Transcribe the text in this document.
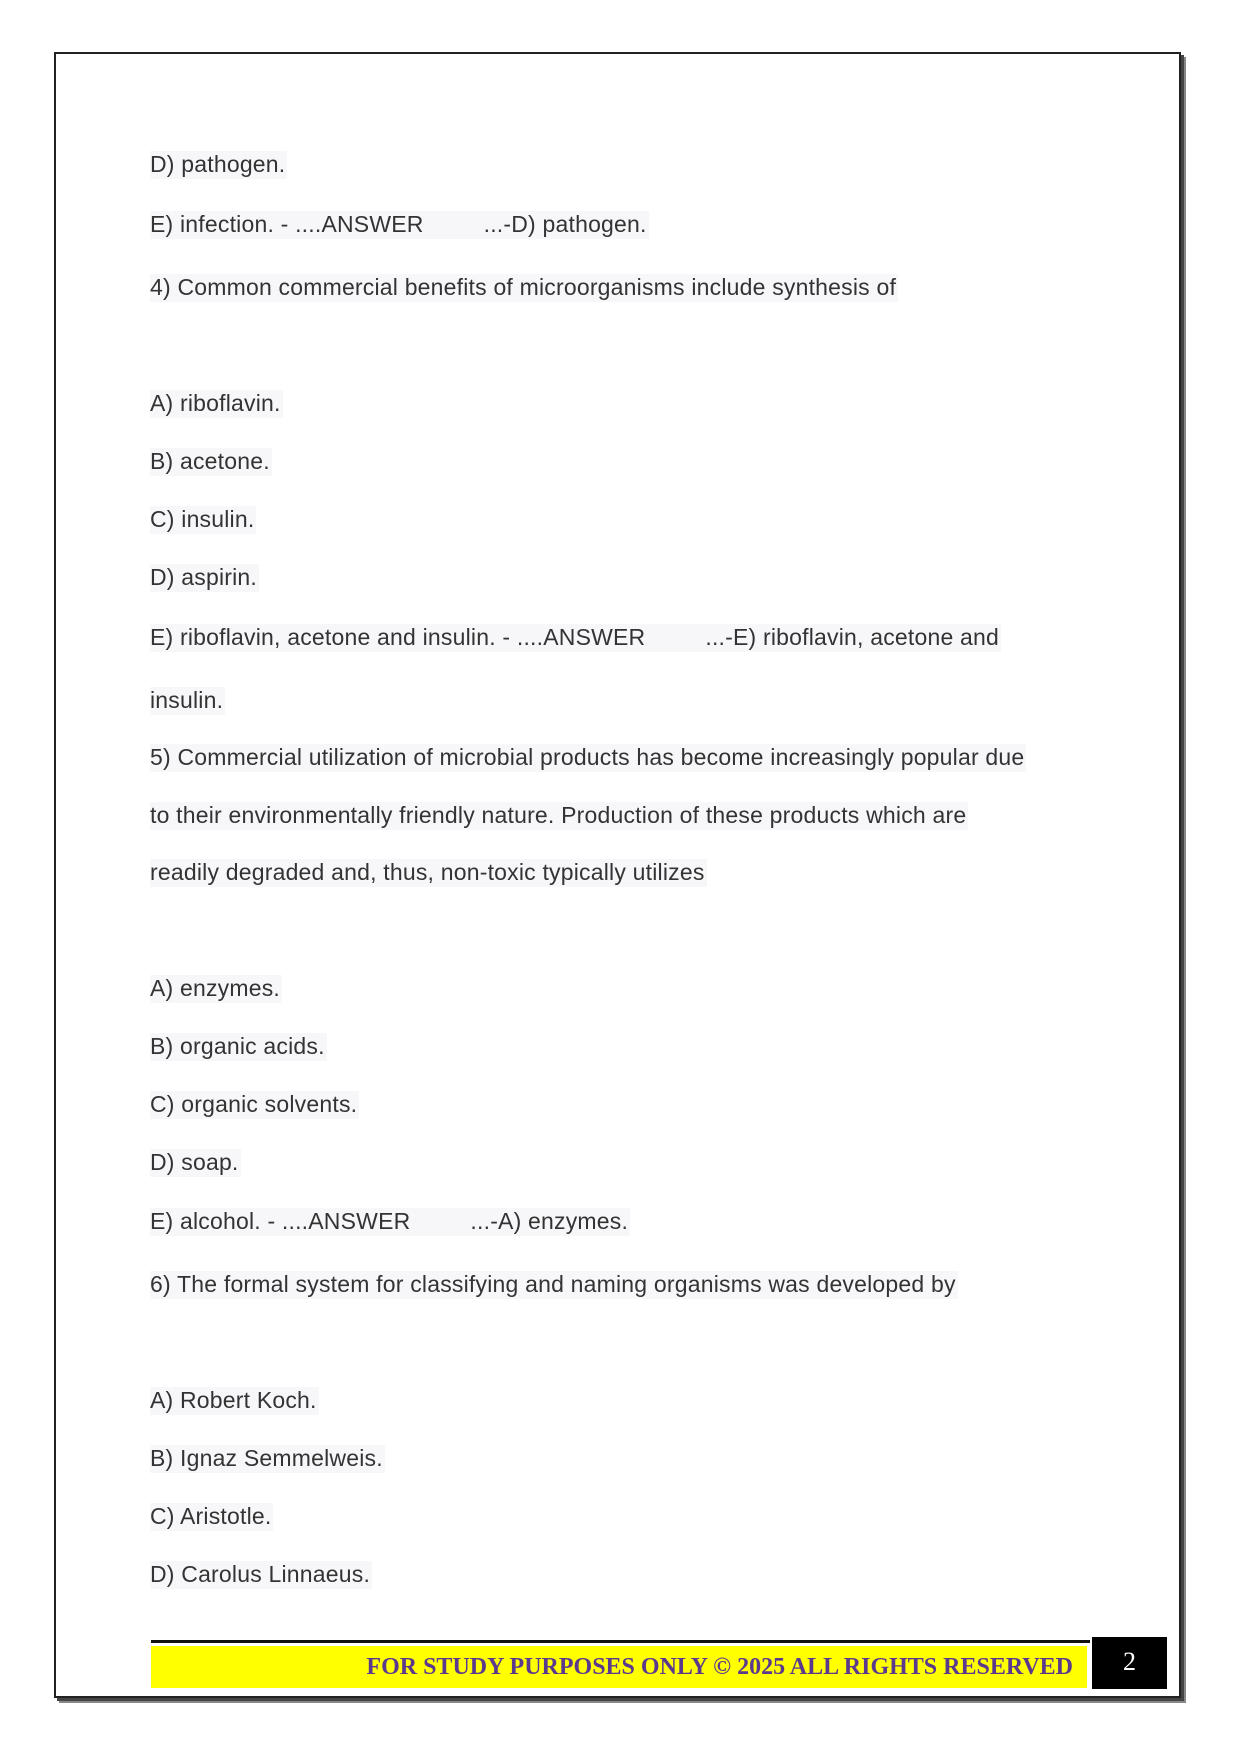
D) pathogen.

E) infection. - ....ANSWER	...-D) pathogen.

4) Common commercial benefits of microorganisms include synthesis of

A) riboflavin.

B) acetone.

C) insulin.

D) aspirin.

E) riboflavin, acetone and insulin. - ....ANSWER	...-E) riboflavin, acetone and

insulin.

5) Commercial utilization of microbial products has become increasingly popular due

to their environmentally friendly nature. Production of these products which are

readily degraded and, thus, non-toxic typically utilizes

A) enzymes.

B) organic acids.

C) organic solvents.

D) soap.

E) alcohol. - ....ANSWER	...-A) enzymes.

6) The formal system for classifying and naming organisms was developed by

A) Robert Koch.

B) Ignaz Semmelweis.

C) Aristotle.

D) Carolus Linnaeus.

FOR STUDY PURPOSES ONLY © 2025 ALL RIGHTS RESERVED	2
